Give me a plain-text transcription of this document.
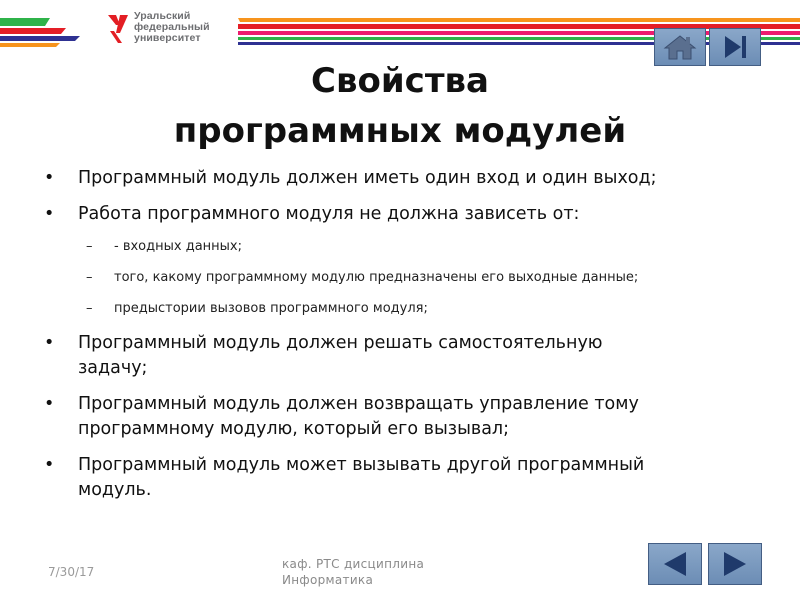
Уральский
федеральный
университет
Свойства
программных модулей
•	Программный модуль должен иметь один вход и один выход;
•	Работа программного модуля не должна зависеть от:
– - входных данных;
– того, какому программному модулю предназначены его выходные данные;
– предыстории вызовов программного модуля;
•	Программный модуль должен решать самостоятельную
задачу;
•	Программный модуль должен возвращать управление тому
программному модулю, который его вызывал;
•	Программный модуль может вызывать другой программный
модуль.
7/30/17
каф. РТС дисциплина
Информатика
